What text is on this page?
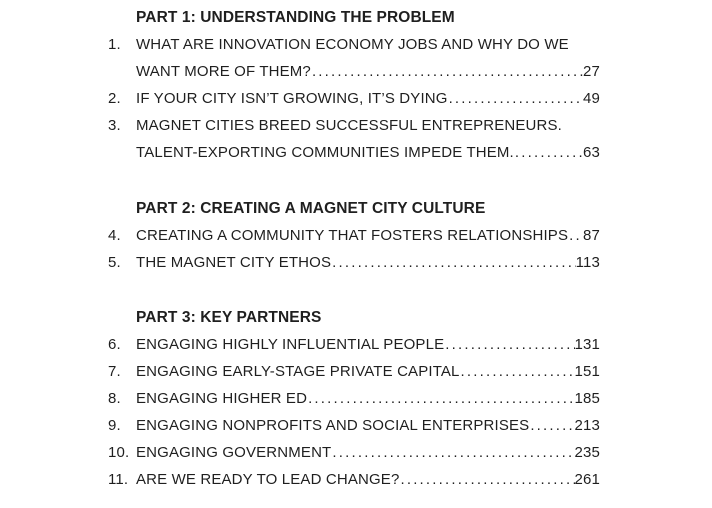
PART 1: UNDERSTANDING THE PROBLEM
1.	WHAT ARE INNOVATION ECONOMY JOBS AND WHY DO WE
WANT MORE OF THEM? .....	27
2.	IF YOUR CITY ISN’T GROWING, IT’S DYING .....	49
3.	MAGNET CITIES BREED SUCCESSFUL ENTREPRENEURS.
TALENT-EXPORTING COMMUNITIES IMPEDE THEM. .....	63
PART 2: CREATING A MAGNET CITY CULTURE
4.	CREATING A COMMUNITY THAT FOSTERS RELATIONSHIPS ..... 87
5.	THE MAGNET CITY ETHOS .....	113
PART 3: KEY PARTNERS
6.	ENGAGING HIGHLY INFLUENTIAL PEOPLE .....	131
7.	ENGAGING EARLY-STAGE PRIVATE CAPITAL .....	151
8.	ENGAGING HIGHER ED .....	185
9.	ENGAGING NONPROFITS AND SOCIAL ENTERPRISES .....	213
10. ENGAGING GOVERNMENT .....	235
11. ARE WE READY TO LEAD CHANGE? .....	261
